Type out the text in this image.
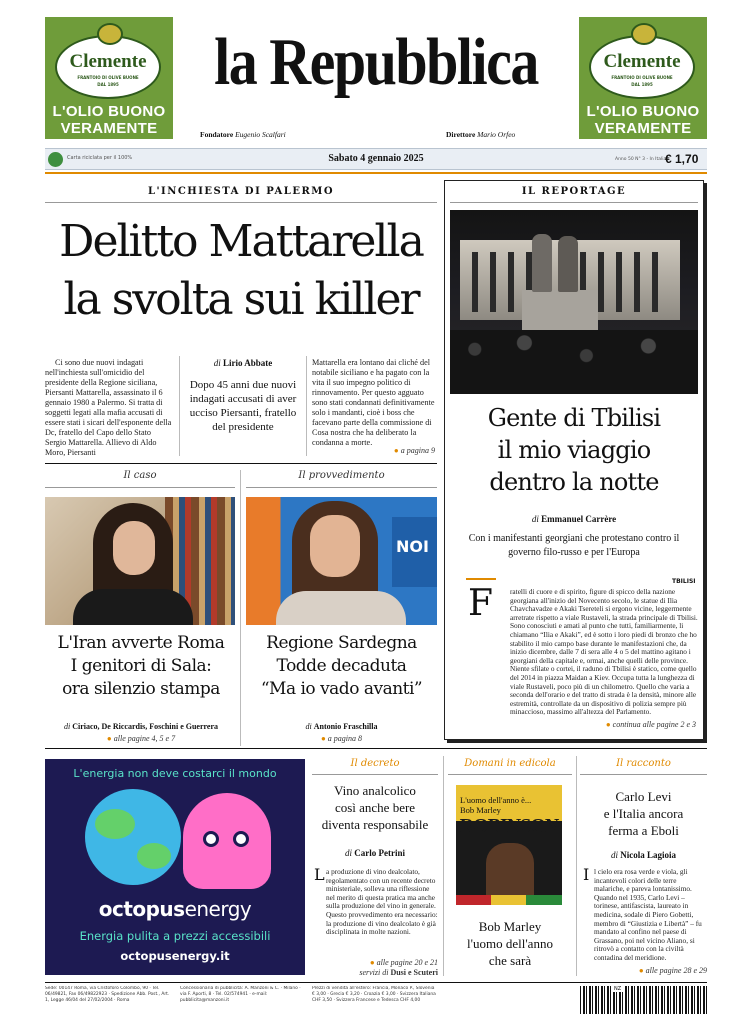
Clemente
FRANTOIO DI OLIVE BUONE
DAL 1895
L'OLIO BUONO
VERAMENTE
Clemente
FRANTOIO DI OLIVE BUONE
DAL 1895
L'OLIO BUONO
VERAMENTE
la Repubblica
Fondatore Eugenio Scalfari	Direttore Mario Orfeo
Carta riciclata per il 100%	Sabato 4 gennaio 2025	Anno 50 N° 3 - In Italia
€ 1,70
L'INCHIESTA DI PALERMO
Delitto Mattarella
la svolta sui killer
Ci sono due nuovi indagati nell'inchiesta sull'omicidio del presidente della Regione siciliana, Piersanti Mattarella, assassinato il 6 gennaio 1980 a Palermo. Si tratta di soggetti legati alla mafia accusati di essere stati i sicari dell'esponente della Dc, fratello del Capo dello Stato Sergio Mattarella. Allievo di Aldo Moro, Piersanti
di Lirio Abbate
Dopo 45 anni due nuovi indagati accusati di aver ucciso Piersanti, fratello del presidente
Mattarella era lontano dai cliché del notabile siciliano e ha pagato con la vita il suo impegno politico di rinnovamento. Per questo agguato sono stati condannati definitivamente solo i mandanti, cioè i boss che facevano parte della commissione di Cosa nostra che ha deliberato la condanna a morte.
● a pagina 9
Il caso
L'Iran avverte Roma
I genitori di Sala:
ora silenzio stampa
di Ciriaco, De Riccardis, Foschini e Guerrera
● alle pagine 4, 5 e 7
Il provvedimento
NOI
Regione Sardegna
Todde decaduta
“Ma io vado avanti”
di Antonio Fraschilla
● a pagina 8
IL REPORTAGE
Gente di Tbilisi
il mio viaggio
dentro la notte
di Emmanuel Carrère
Con i manifestanti georgiani che protestano contro il governo filo-russo e per l'Europa
F
TBILISI
ratelli di cuore e di spirito, figure di spicco della nazione georgiana all'inizio del Novecento secolo, le statue di Ilia Chavchavadze e Akaki Tsereteli si ergono vicine, leggermente arretrate rispetto a viale Rustaveli, la strada principale di Tbilisi. Sono conosciuti e amati al punto che tutti, familiarmente, li chiamano “Ilia e Akaki”, ed è sotto i loro piedi di bronzo che ho stabilito il mio campo base durante le manifestazioni che, da inizio dicembre, dalle 7 di sera alle 4 o 5 del mattino agitano i georgiani della capitale e, ormai, anche quelli delle province. Niente sfilate o cortei, il raduno di Tbilisi è statico, come quello del 2014 in piazza Maidan a Kiev. Occupa tutta la lunghezza di viale Rustaveli, poco più di un chilometro. Quello che varia a seconda dell'orario e del tratto di strada è la densità, minore alle estremità, controllate da un dispositivo di polizia sempre più minaccioso, massimo all'altezza del Parlamento.
● continua alle pagine 2 e 3
L'energia non deve costarci il mondo
octopusenergy
Energia pulita a prezzi accessibili
octopusenergy.it
Il decreto
Vino analcolico
così anche bere
diventa responsabile
di Carlo Petrini
L a produzione di vino dealcolato, regolamentato con un recente decreto ministeriale, solleva una riflessione nel merito di questa pratica ma anche sulla produzione del vino in generale. Questo provvedimento era necessario: la produzione di vino dealcolato è già disciplinata in molte nazioni.
● alle pagine 20 e 21
servizi di Dusi e Scuteri
Domani in edicola
L'uomo dell'anno è...
Bob Marley
ROBINSON
Bob Marley
l'uomo dell'anno
che sarà
Il racconto
Carlo Levi
e l'Italia ancora
ferma a Eboli
di Nicola Lagioia
I l cielo era rosa verde e viola, gli incantevoli colori delle terre malariche, e pareva lontanissimo. Quando nel 1935, Carlo Levi – torinese, antifascista, laureato in medicina, sodale di Piero Gobetti, membro di “Giustizia e Libertà” – fu mandato al confino nel paese di Grassano, poi nel vicino Aliano, si ritrovò a contatto con la civiltà contadina del meridione.
● alle pagine 28 e 29
Sede: 00147 Roma, via Cristoforo Colombo, 90 · Tel. 06/49821, Fax 06/49822923 · Spedizione Abb. Post., Art. 1, Legge 46/04 del 27/02/2004 · Roma
Concessionaria di pubblicità: A. Manzoni & C. · Milano · via F. Aporti, 8 · Tel. 02/574941 · e-mail: pubblicita@manzoni.it
Prezzi di vendita all'estero: Francia, Monaco P., Slovenia € 3,00 · Grecia € 3,20 · Croazia € 3,00 · Svizzera Italiana CHF 3,50 · Svizzera Francese e Tedesca CHF 4,00
NZ
